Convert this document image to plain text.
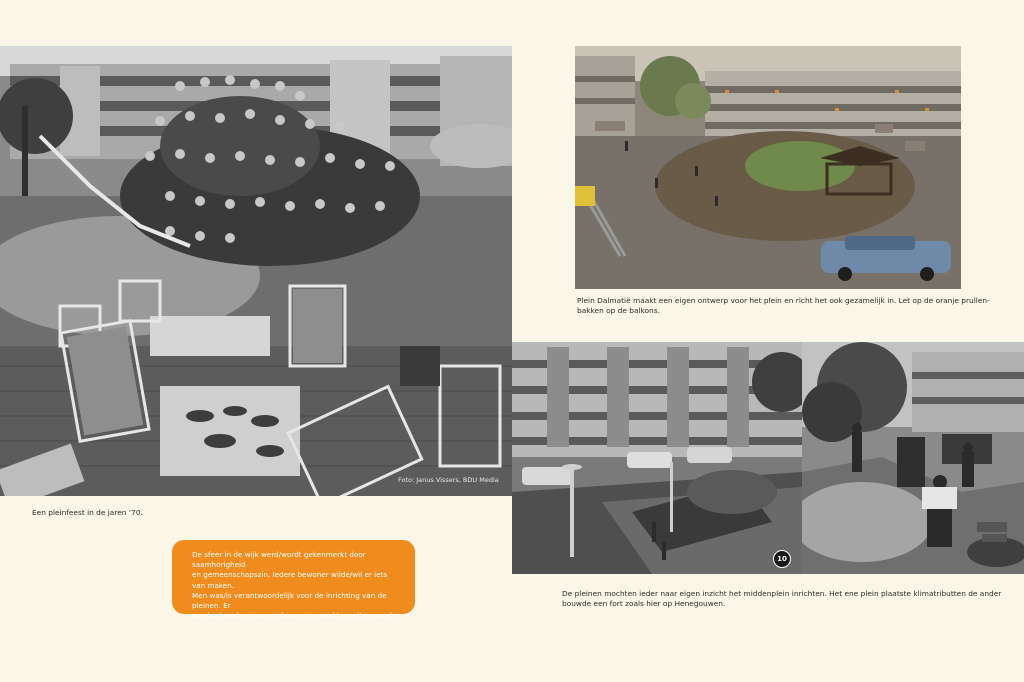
Foto: Janus Vissers, BDU Media

Een pleinfeest in de jaren ’70.

De sfeer in de wijk werd/wordt gekenmerkt door saamhorigheid

en gemeenschapszin. Iedere bewoner wilde/wil er iets van maken.

Men was/is verantwoordelijk voor de inrichting van de pleinen. Er

werden/worden samen plannen gemaakt en uitgevoerd.

Plein Dalmatië maakt een eigen ontwerp voor het plein en richt het ook gezamelijk in. Let op de oranje prullen-
bakken op de balkons.

10

De pleinen mochten ieder naar eigen inzicht het middenplein inrichten. Het ene plein plaatste klimatributten de ander
bouwde een fort zoals hier op Henegouwen.
